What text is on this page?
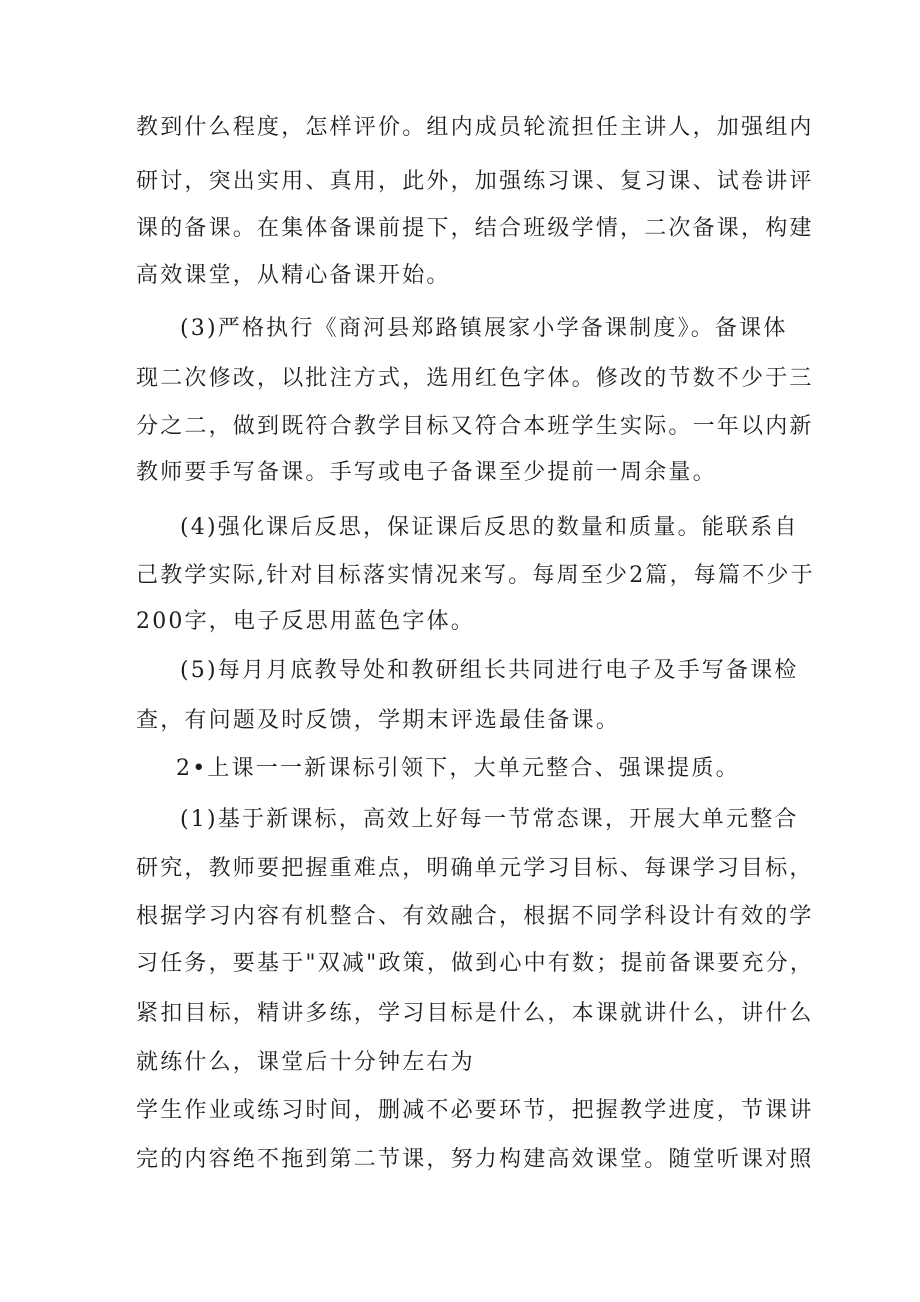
教到什么程度，怎样评价。组内成员轮流担任主讲人，加强组内
研讨，突出实用、真用，此外，加强练习课、复习课、试卷讲评
课的备课。在集体备课前提下，结合班级学情，二次备课，构建
高效课堂，从精心备课开始。
(3)严格执行《商河县郑路镇展家小学备课制度》。备课体
现二次修改，以批注方式，选用红色字体。修改的节数不少于三
分之二，做到既符合教学目标又符合本班学生实际。一年以内新
教师要手写备课。手写或电子备课至少提前一周余量。
(4)强化课后反思，保证课后反思的数量和质量。能联系自
己教学实际,针对目标落实情况来写。每周至少2篇，每篇不少于
200字，电子反思用蓝色字体。
(5)每月月底教导处和教研组长共同进行电子及手写备课检
查，有问题及时反馈，学期末评选最佳备课。
2•上课一一新课标引领下，大单元整合、强课提质。
(1)基于新课标，高效上好每一节常态课，开展大单元整合
研究，教师要把握重难点，明确单元学习目标、每课学习目标，
根据学习内容有机整合、有效融合，根据不同学科设计有效的学
习任务，要基于"双减"政策，做到心中有数；提前备课要充分，
紧扣目标，精讲多练，学习目标是什么，本课就讲什么，讲什么
就练什么，课堂后十分钟左右为
学生作业或练习时间，删减不必要环节，把握教学进度，节课讲
完的内容绝不拖到第二节课，努力构建高效课堂。随堂听课对照
